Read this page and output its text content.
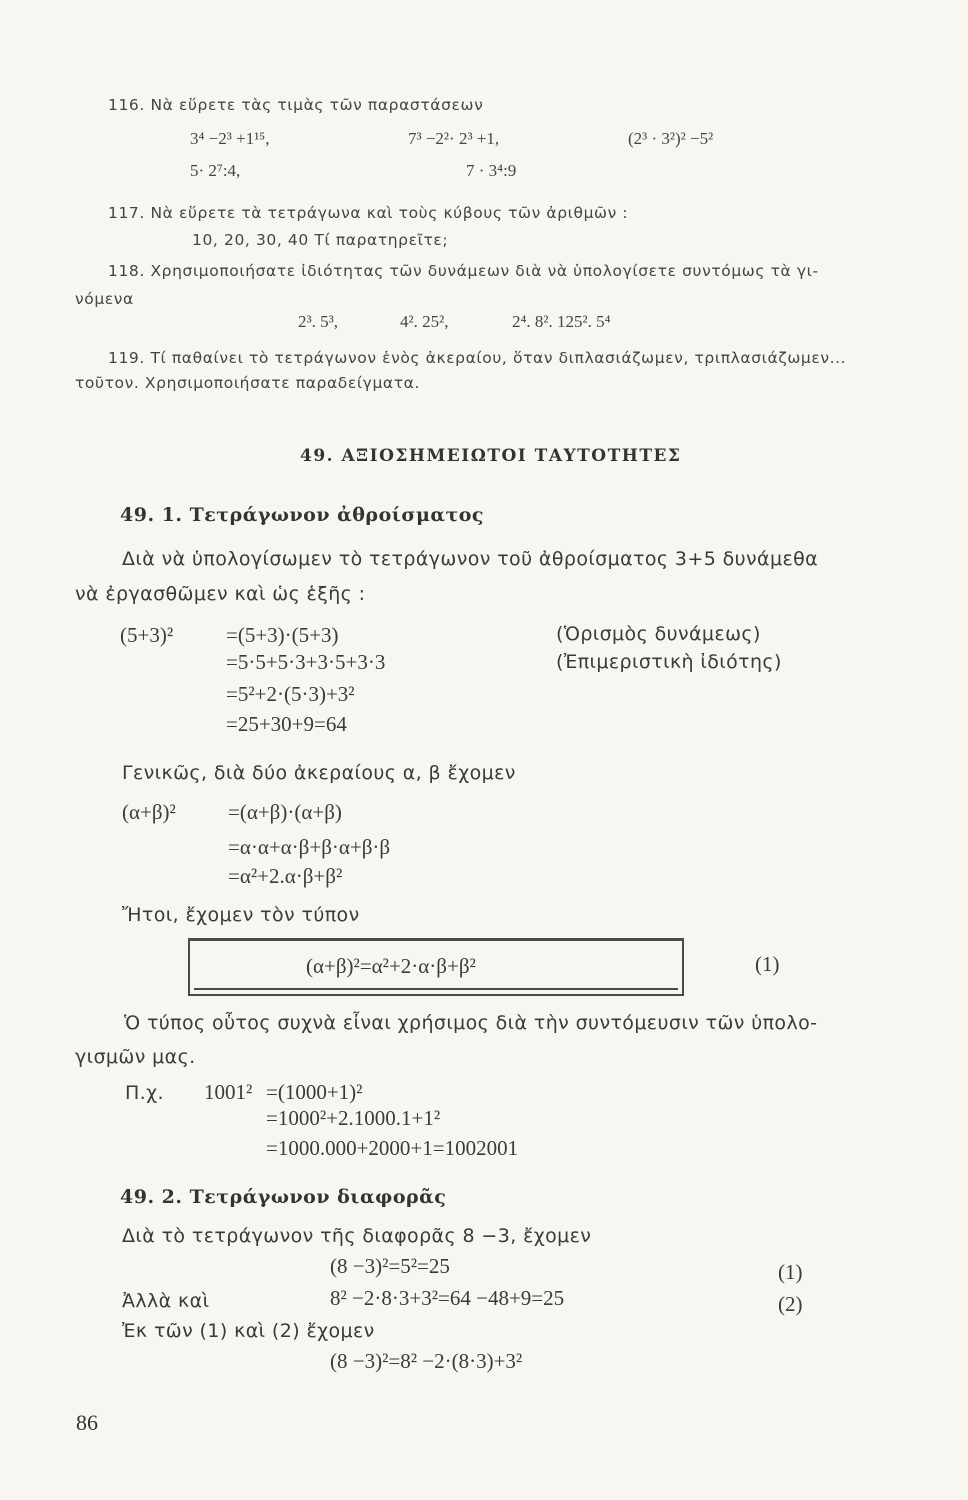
116. Νὰ εὕρετε τὰς τιμὰς τῶν παραστάσεων
3⁴ −2³ +1¹⁵,	7³ −2²· 2³ +1,	(2³ · 3²)² −5²
5· 2⁷:4,	7 · 3⁴:9
117. Νὰ εὕρετε τὰ τετράγωνα καὶ τοὺς κύβους τῶν ἀριθμῶν :
10, 20, 30, 40 Τί παρατηρεῖτε;
118. Χρησιμοποιήσατε ἰδιότητας τῶν δυνάμεων διὰ νὰ ὑπολογίσετε συντόμως τὰ γι-
νόμενα
2³. 5³,	4². 25²,	2⁴. 8². 125². 5⁴
119. Τί παθαίνει τὸ τετράγωνον ἑνὸς ἀκεραίου, ὅταν διπλασιάζωμεν, τριπλασιάζωμεν...
τοῦτον. Χρησιμοποιήσατε παραδείγματα.
49. ΑΞΙΟΣΗΜΕΙΩΤΟΙ ΤΑΥΤΟΤΗΤΕΣ
49. 1. Τετράγωνον ἀθροίσματος
Διὰ νὰ ὑπολογίσωμεν τὸ τετράγωνον τοῦ ἀθροίσματος 3+5 δυνάμεθα
νὰ ἐργασθῶμεν καὶ ὡς ἑξῆς :
(5+3)²	=(5+3)·(5+3)
=5·5+5·3+3·5+3·3
=5²+2·(5·3)+3²
=25+30+9=64
(Ὁρισμὸς δυνάμεως)
(Ἐπιμεριστικὴ ἰδιότης)
Γενικῶς, διὰ δύο ἀκεραίους α, β ἔχομεν
(α+β)² =(α+β)·(α+β)
=α·α+α·β+β·α+β·β
=α²+2.α·β+β²
Ἤτοι, ἔχομεν τὸν τύπον
(α+β)²=α²+2·α·β+β²	(1)
Ὁ τύπος οὗτος συχνὰ εἶναι χρήσιμος διὰ τὴν συντόμευσιν τῶν ὑπολο-
γισμῶν μας.
Π.χ. 1001² =(1000+1)²
=1000²+2.1000.1+1²
=1000.000+2000+1=1002001
49. 2. Τετράγωνον διαφορᾶς
Διὰ τὸ τετράγωνον τῆς διαφορᾶς 8 −3, ἔχομεν
(8 −3)²=5²=25	(1)
Ἀλλὰ καὶ	8² −2·8·3+3²=64 −48+9=25	(2)
Ἐκ τῶν (1) καὶ (2) ἔχομεν
(8 −3)²=8² −2·(8·3)+3²
86
